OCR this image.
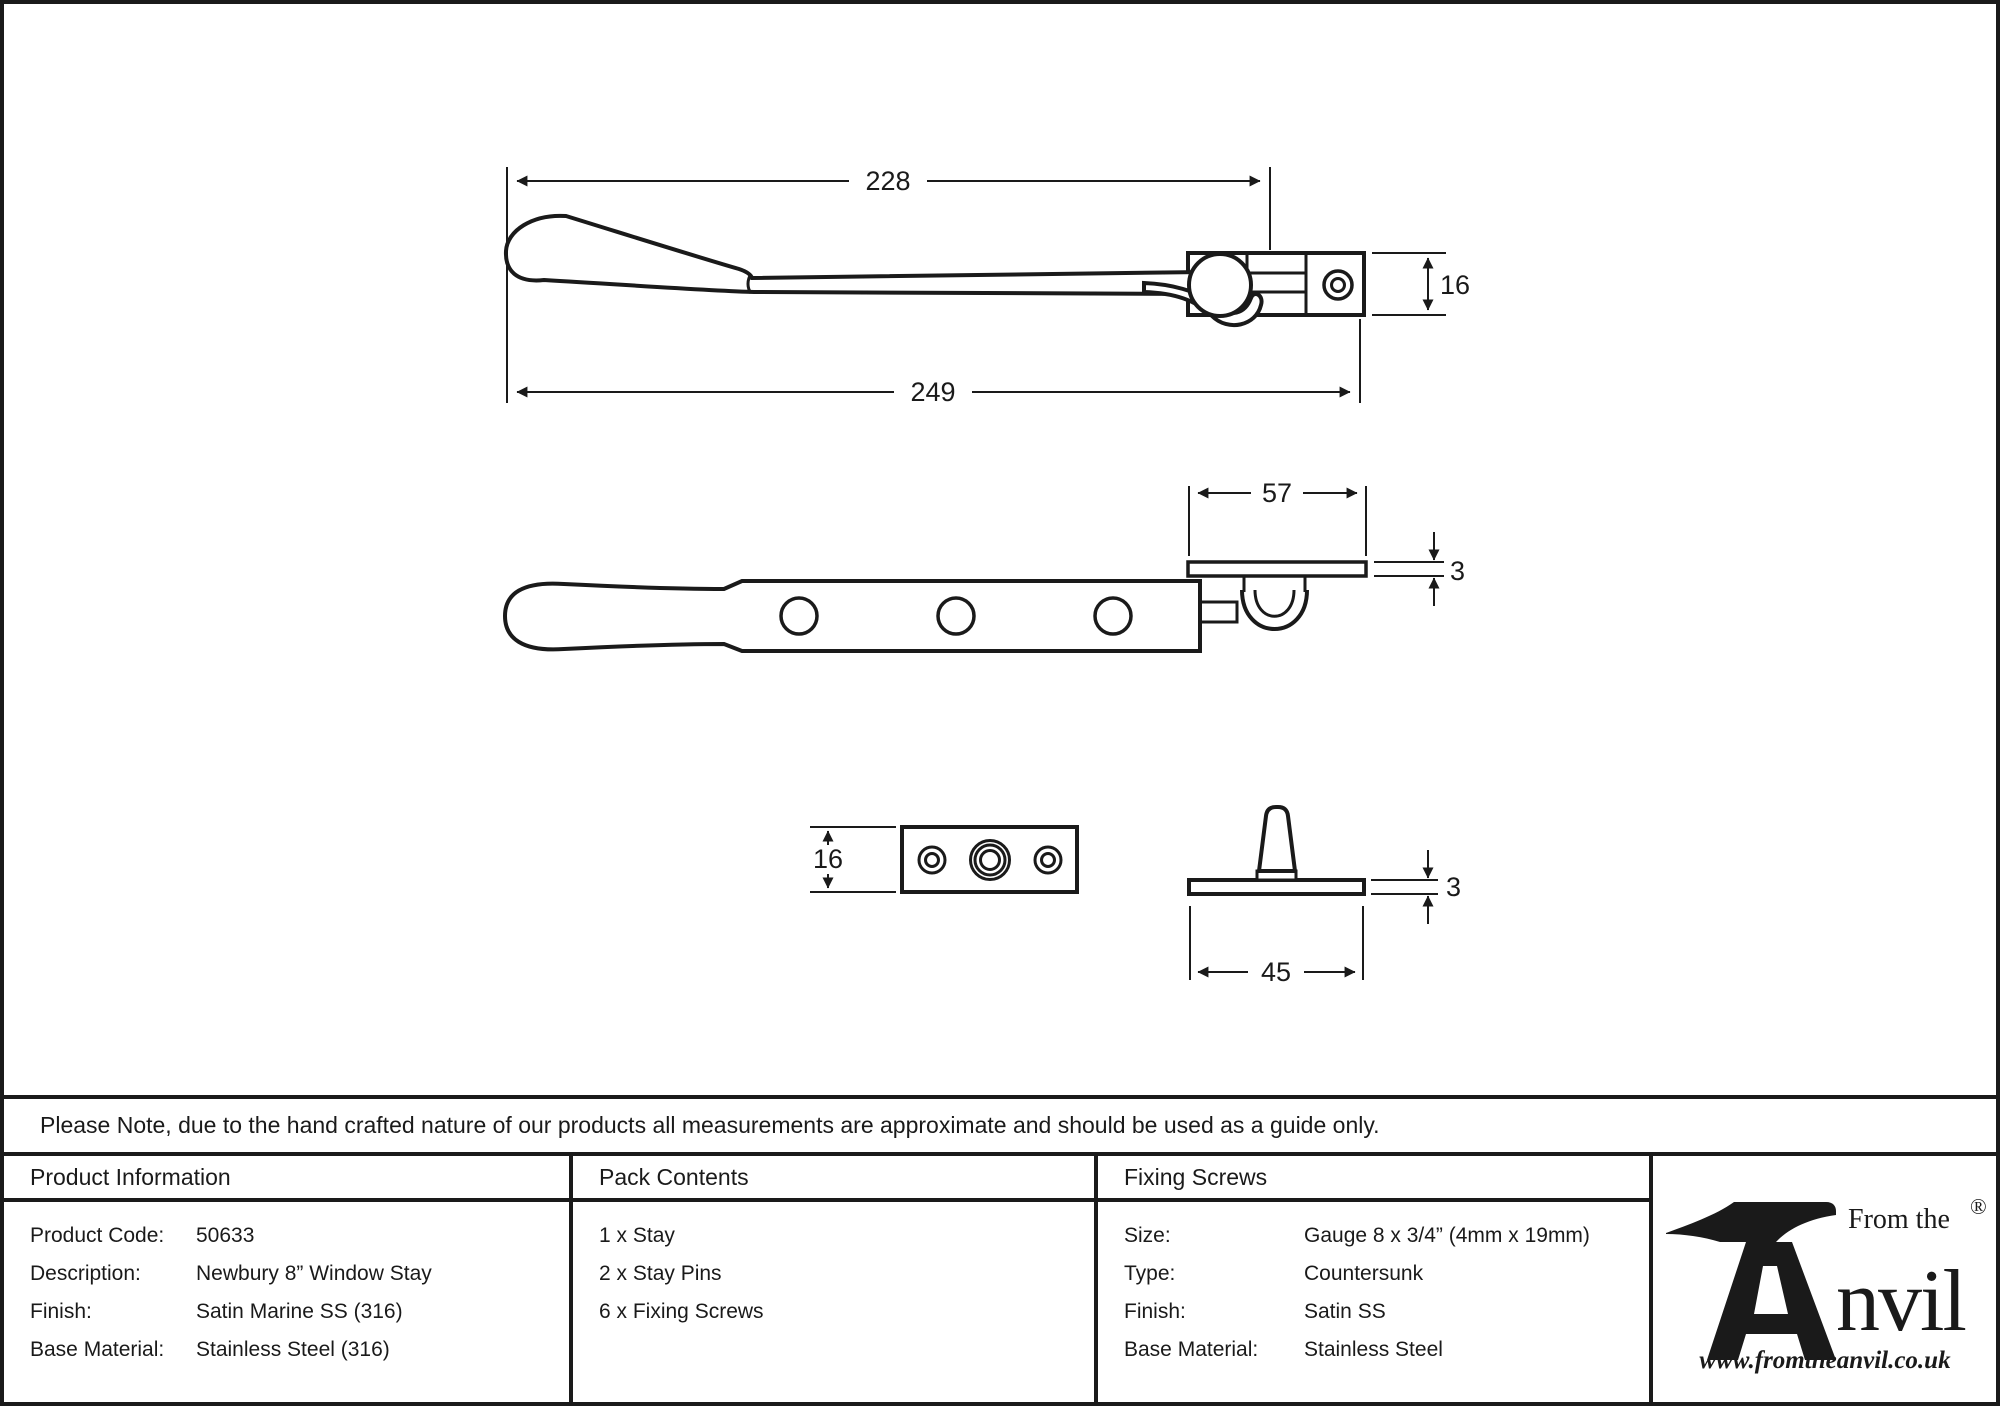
228
249
16
57
3
16
3
45
Please Note, due to the hand crafted nature of our products all measurements are approximate and should be used as a guide only.
Product Information
Product Code:	50633
Description:	Newbury 8” Window Stay
Finish:	Satin Marine SS (316)
Base Material:	Stainless Steel (316)
Pack Contents
1 x Stay
2 x Stay Pins
6 x Fixing Screws
Fixing Screws
Size:	Gauge 8 x 3/4” (4mm x 19mm)
Type:	Countersunk
Finish:	Satin SS
Base Material:	Stainless Steel
From the ®
nvil
www.fromtheanvil.co.uk
